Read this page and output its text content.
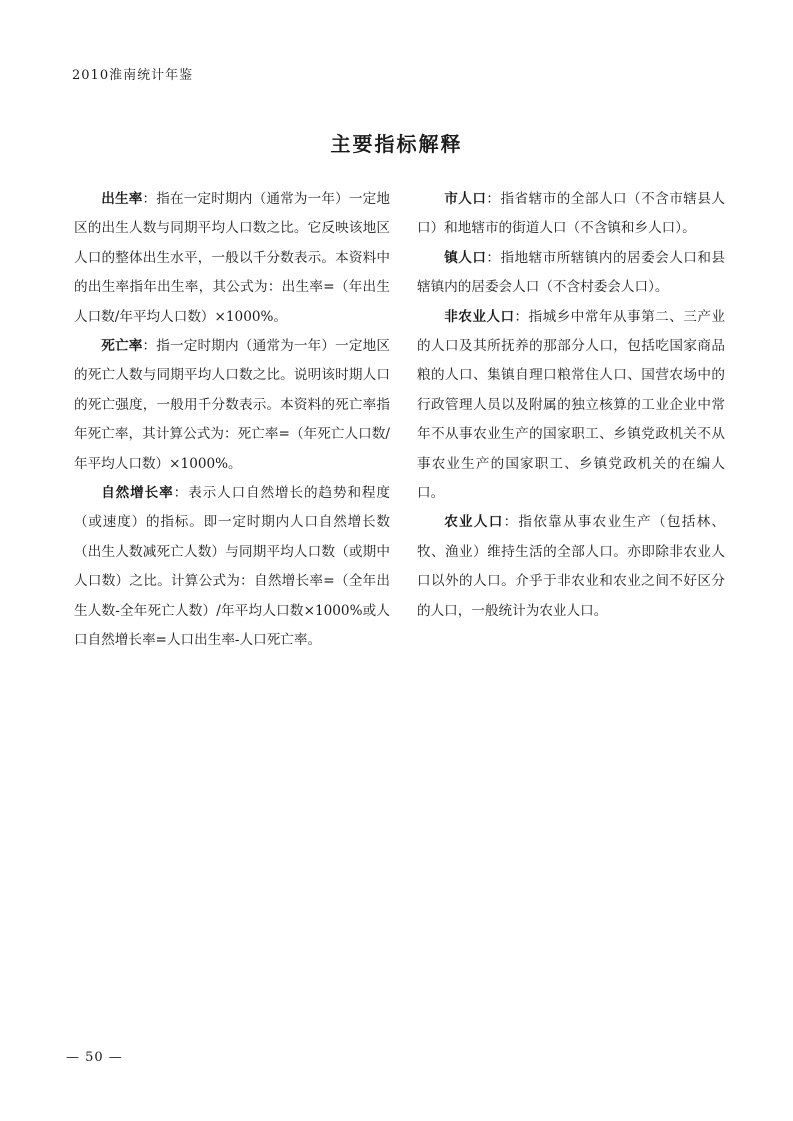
2010淮南统计年鉴
主要指标解释

出生率：指在一定时期内（通常为一年）一定地区的出生人数与同期平均人口数之比。它反映该地区人口的整体出生水平，一般以千分数表示。本资料中的出生率指年出生率，其公式为：出生率=（年出生人口数/年平均人口数）×1000%。

死亡率：指一定时期内（通常为一年）一定地区的死亡人数与同期平均人口数之比。说明该时期人口的死亡强度，一般用千分数表示。本资料的死亡率指年死亡率，其计算公式为：死亡率=（年死亡人口数/年平均人口数）×1000%。

自然增长率：表示人口自然增长的趋势和程度（或速度）的指标。即一定时期内人口自然增长数（出生人数减死亡人数）与同期平均人口数（或期中人口数）之比。计算公式为：自然增长率=（全年出生人数-全年死亡人数）/年平均人口数×1000%或人口自然增长率=人口出生率-人口死亡率。

市人口：指省辖市的全部人口（不含市辖县人口）和地辖市的街道人口（不含镇和乡人口）。

镇人口：指地辖市所辖镇内的居委会人口和县辖镇内的居委会人口（不含村委会人口）。

非农业人口：指城乡中常年从事第二、三产业的人口及其所抚养的那部分人口，包括吃国家商品粮的人口、集镇自理口粮常住人口、国营农场中的行政管理人员以及附属的独立核算的工业企业中常年不从事农业生产的国家职工、乡镇党政机关不从事农业生产的国家职工、乡镇党政机关的在编人口。

农业人口：指依靠从事农业生产（包括林、牧、渔业）维持生活的全部人口。亦即除非农业人口以外的人口。介乎于非农业和农业之间不好区分的人口，一般统计为农业人口。

— 50 —
